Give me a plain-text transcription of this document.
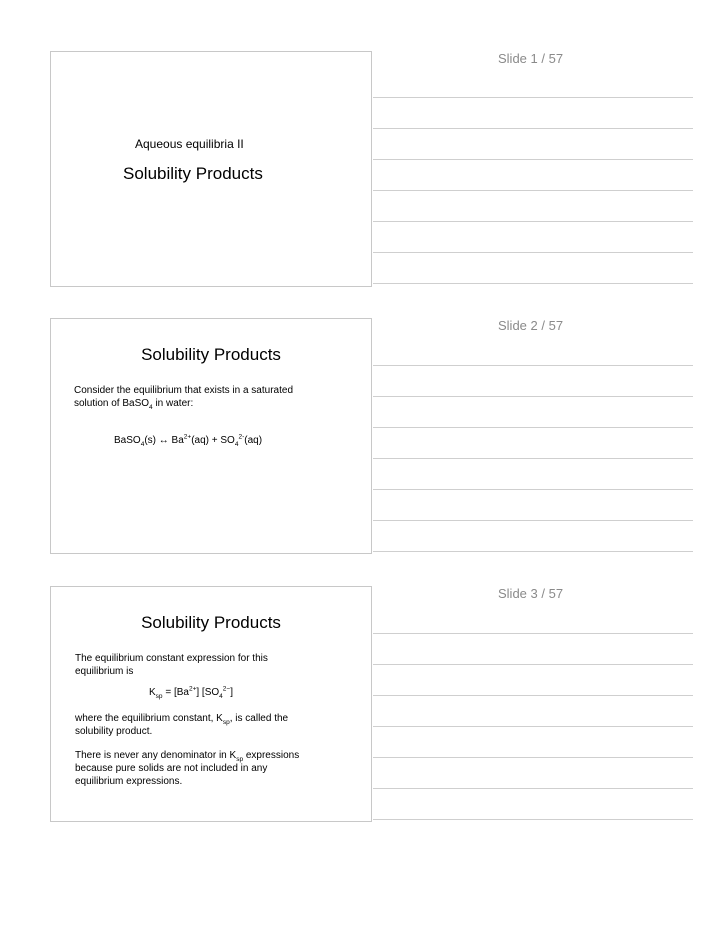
Slide 1 / 57
Aqueous equilibria II
Solubility Products
Slide 2 / 57
Solubility Products
Consider the equilibrium that exists in a saturated
solution of BaSO$_4$ in water:
BaSO$_4$(s) ↔ $Ba^{2+}(aq) + SO_4^{2-}(aq)$
Slide 3 / 57
Solubility Products
The equilibrium constant expression for this
equilibrium is
$K_{sp} = [Ba^{2+}]$ $[SO_4^{2-}]$
where the equilibrium constant, $K_{sp}$, is called the
solubility product.
There is never any denominator in $K_{sp}$ expressions
because pure solids are not included in any
equilibrium expressions.
